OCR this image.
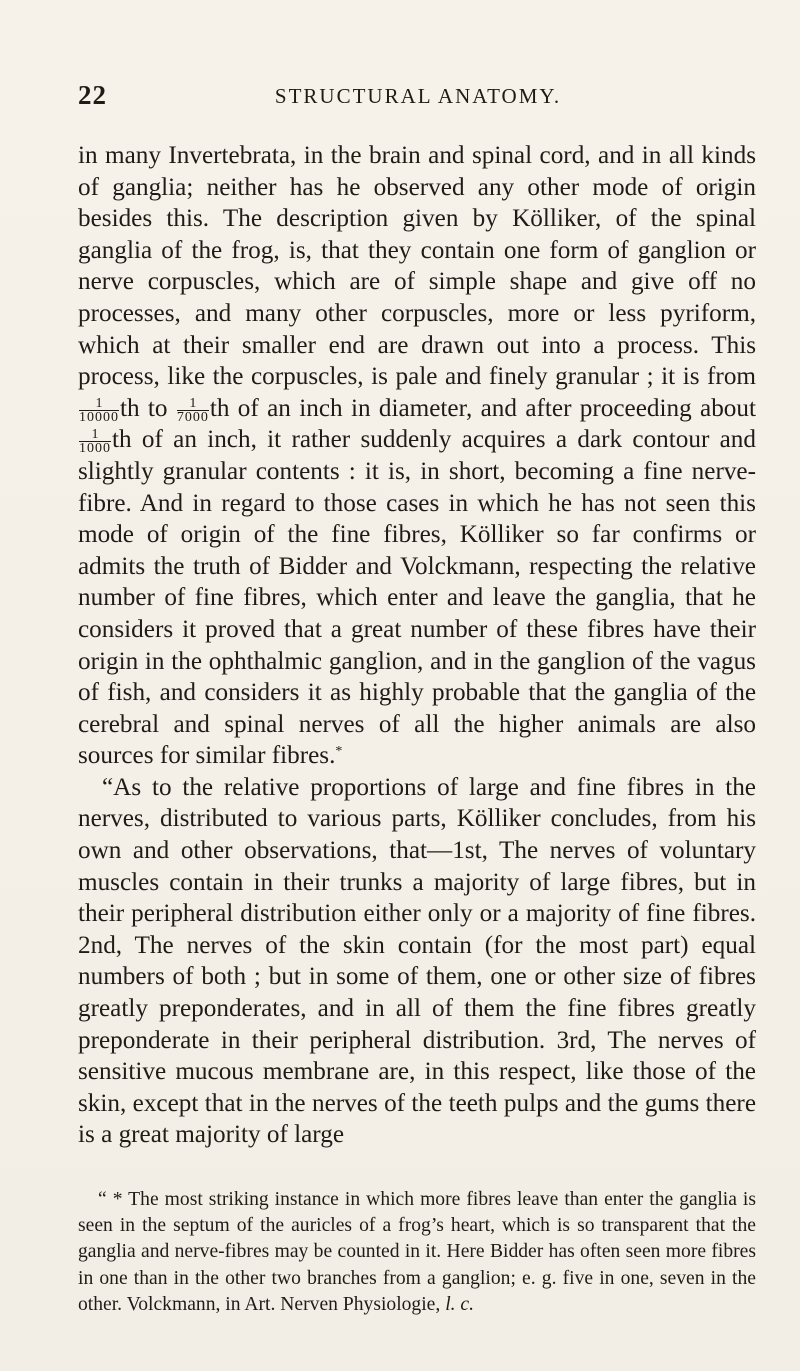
22	STRUCTURAL ANATOMY.

in many Invertebrata, in the brain and spinal cord, and in all kinds of ganglia; neither has he observed any other mode of origin besides this. The description given by Kölliker, of the spinal ganglia of the frog, is, that they contain one form of ganglion or nerve corpuscles, which are of simple shape and give off no processes, and many other corpuscles, more or less pyriform, which at their smaller end are drawn out into a process. This process, like the corpuscles, is pale and finely granular ; it is from
$\frac{1}{10000}$ th to $\frac{1}{7000}$ th of an inch in diameter, and after proceeding about
$\frac{1}{1000}$ th of an inch, it rather suddenly acquires a dark contour and slightly granular contents : it is, in short, becoming a fine nerve-fibre. And in regard to those cases in which he has not seen this mode of origin of the fine fibres, Kölliker so far confirms or admits the truth of Bidder and Volckmann, respecting the relative number of fine fibres, which enter and leave the ganglia, that he considers it proved that a great number of these fibres have their origin in the ophthalmic ganglion, and in the ganglion of the vagus of fish, and considers it as highly probable that the ganglia of the cerebral and spinal nerves of all the higher animals are also sources for similar fibres.*

“As to the relative proportions of large and fine fibres in the nerves, distributed to various parts, Kölliker concludes, from his own and other observations, that—1st, The nerves of voluntary muscles contain in their trunks a majority of large fibres, but in their peripheral distribution either only or a majority of fine fibres. 2nd, The nerves of the skin contain (for the most part) equal numbers of both ; but in some of them, one or other size of fibres greatly preponderates, and in all of them the fine fibres greatly preponderate in their peripheral distribution. 3rd, The nerves of sensitive mucous membrane are, in this respect, like those of the skin, except that in the nerves of the teeth pulps and the gums there is a great majority of large

“ * The most striking instance in which more fibres leave than enter the ganglia is seen in the septum of the auricles of a frog’s heart, which is so transparent that the ganglia and nerve-fibres may be counted in it. Here Bidder has often seen more fibres in one than in the other two branches from a ganglion; e. g. five in one, seven in the other. Volckmann, in Art. Nerven Physiologie, l. c.
